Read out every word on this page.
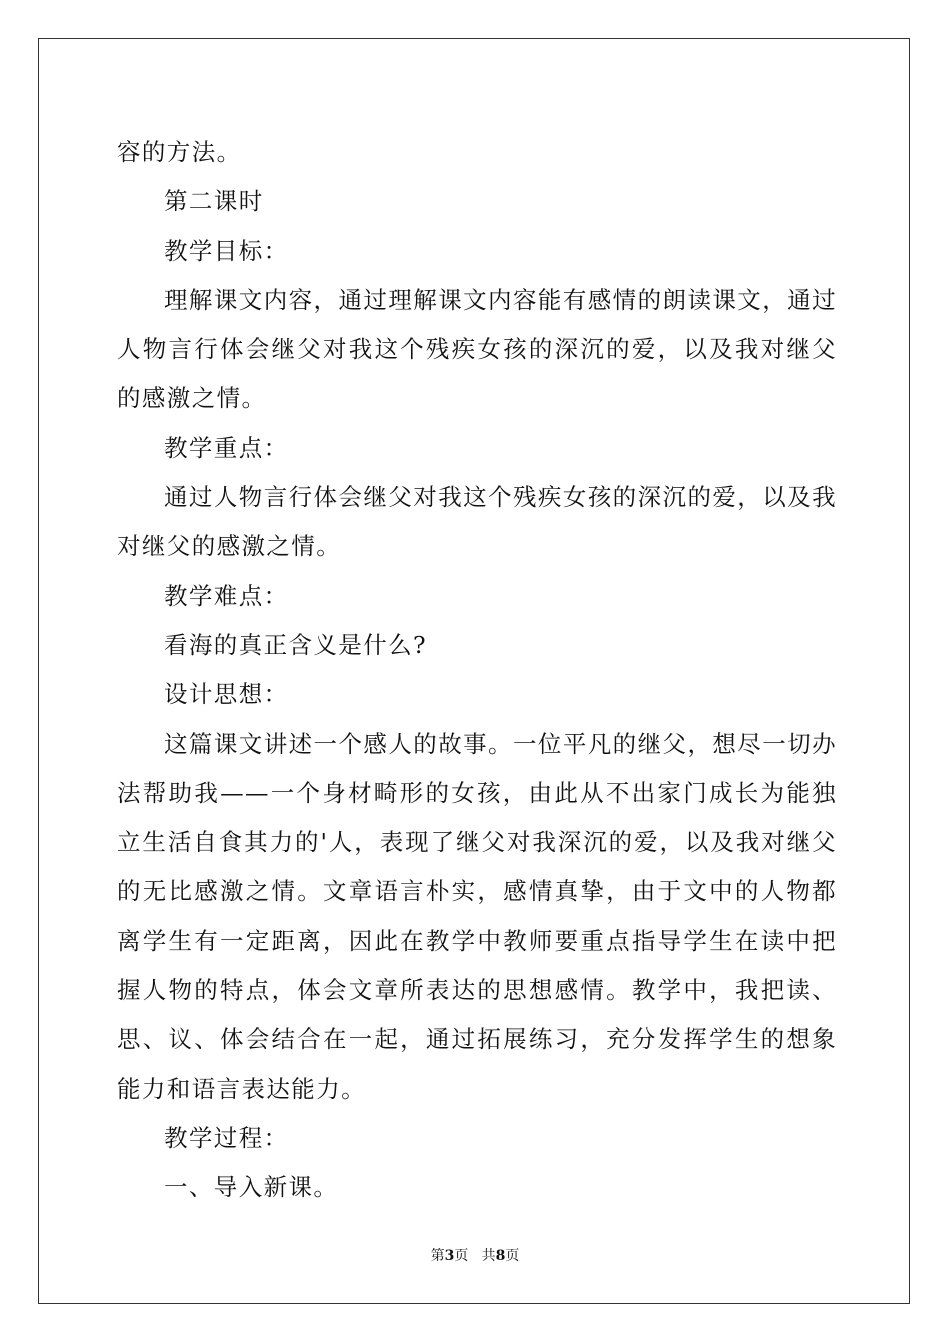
容的方法。

第二课时

教学目标：

理解课文内容，通过理解课文内容能有感情的朗读课文，通过人物言行体会继父对我这个残疾女孩的深沉的爱，以及我对继父的感激之情。

教学重点：

通过人物言行体会继父对我这个残疾女孩的深沉的爱，以及我对继父的感激之情。

教学难点：

看海的真正含义是什么?

设计思想：

这篇课文讲述一个感人的故事。一位平凡的继父，想尽一切办法帮助我——一个身材畸形的女孩，由此从不出家门成长为能独立生活自食其力的'人，表现了继父对我深沉的爱，以及我对继父的无比感激之情。文章语言朴实，感情真挚，由于文中的人物都离学生有一定距离，因此在教学中教师要重点指导学生在读中把握人物的特点，体会文章所表达的思想感情。教学中，我把读、思、议、体会结合在一起，通过拓展练习，充分发挥学生的想象能力和语言表达能力。

教学过程：

一、导入新课。

第3页 共8页
